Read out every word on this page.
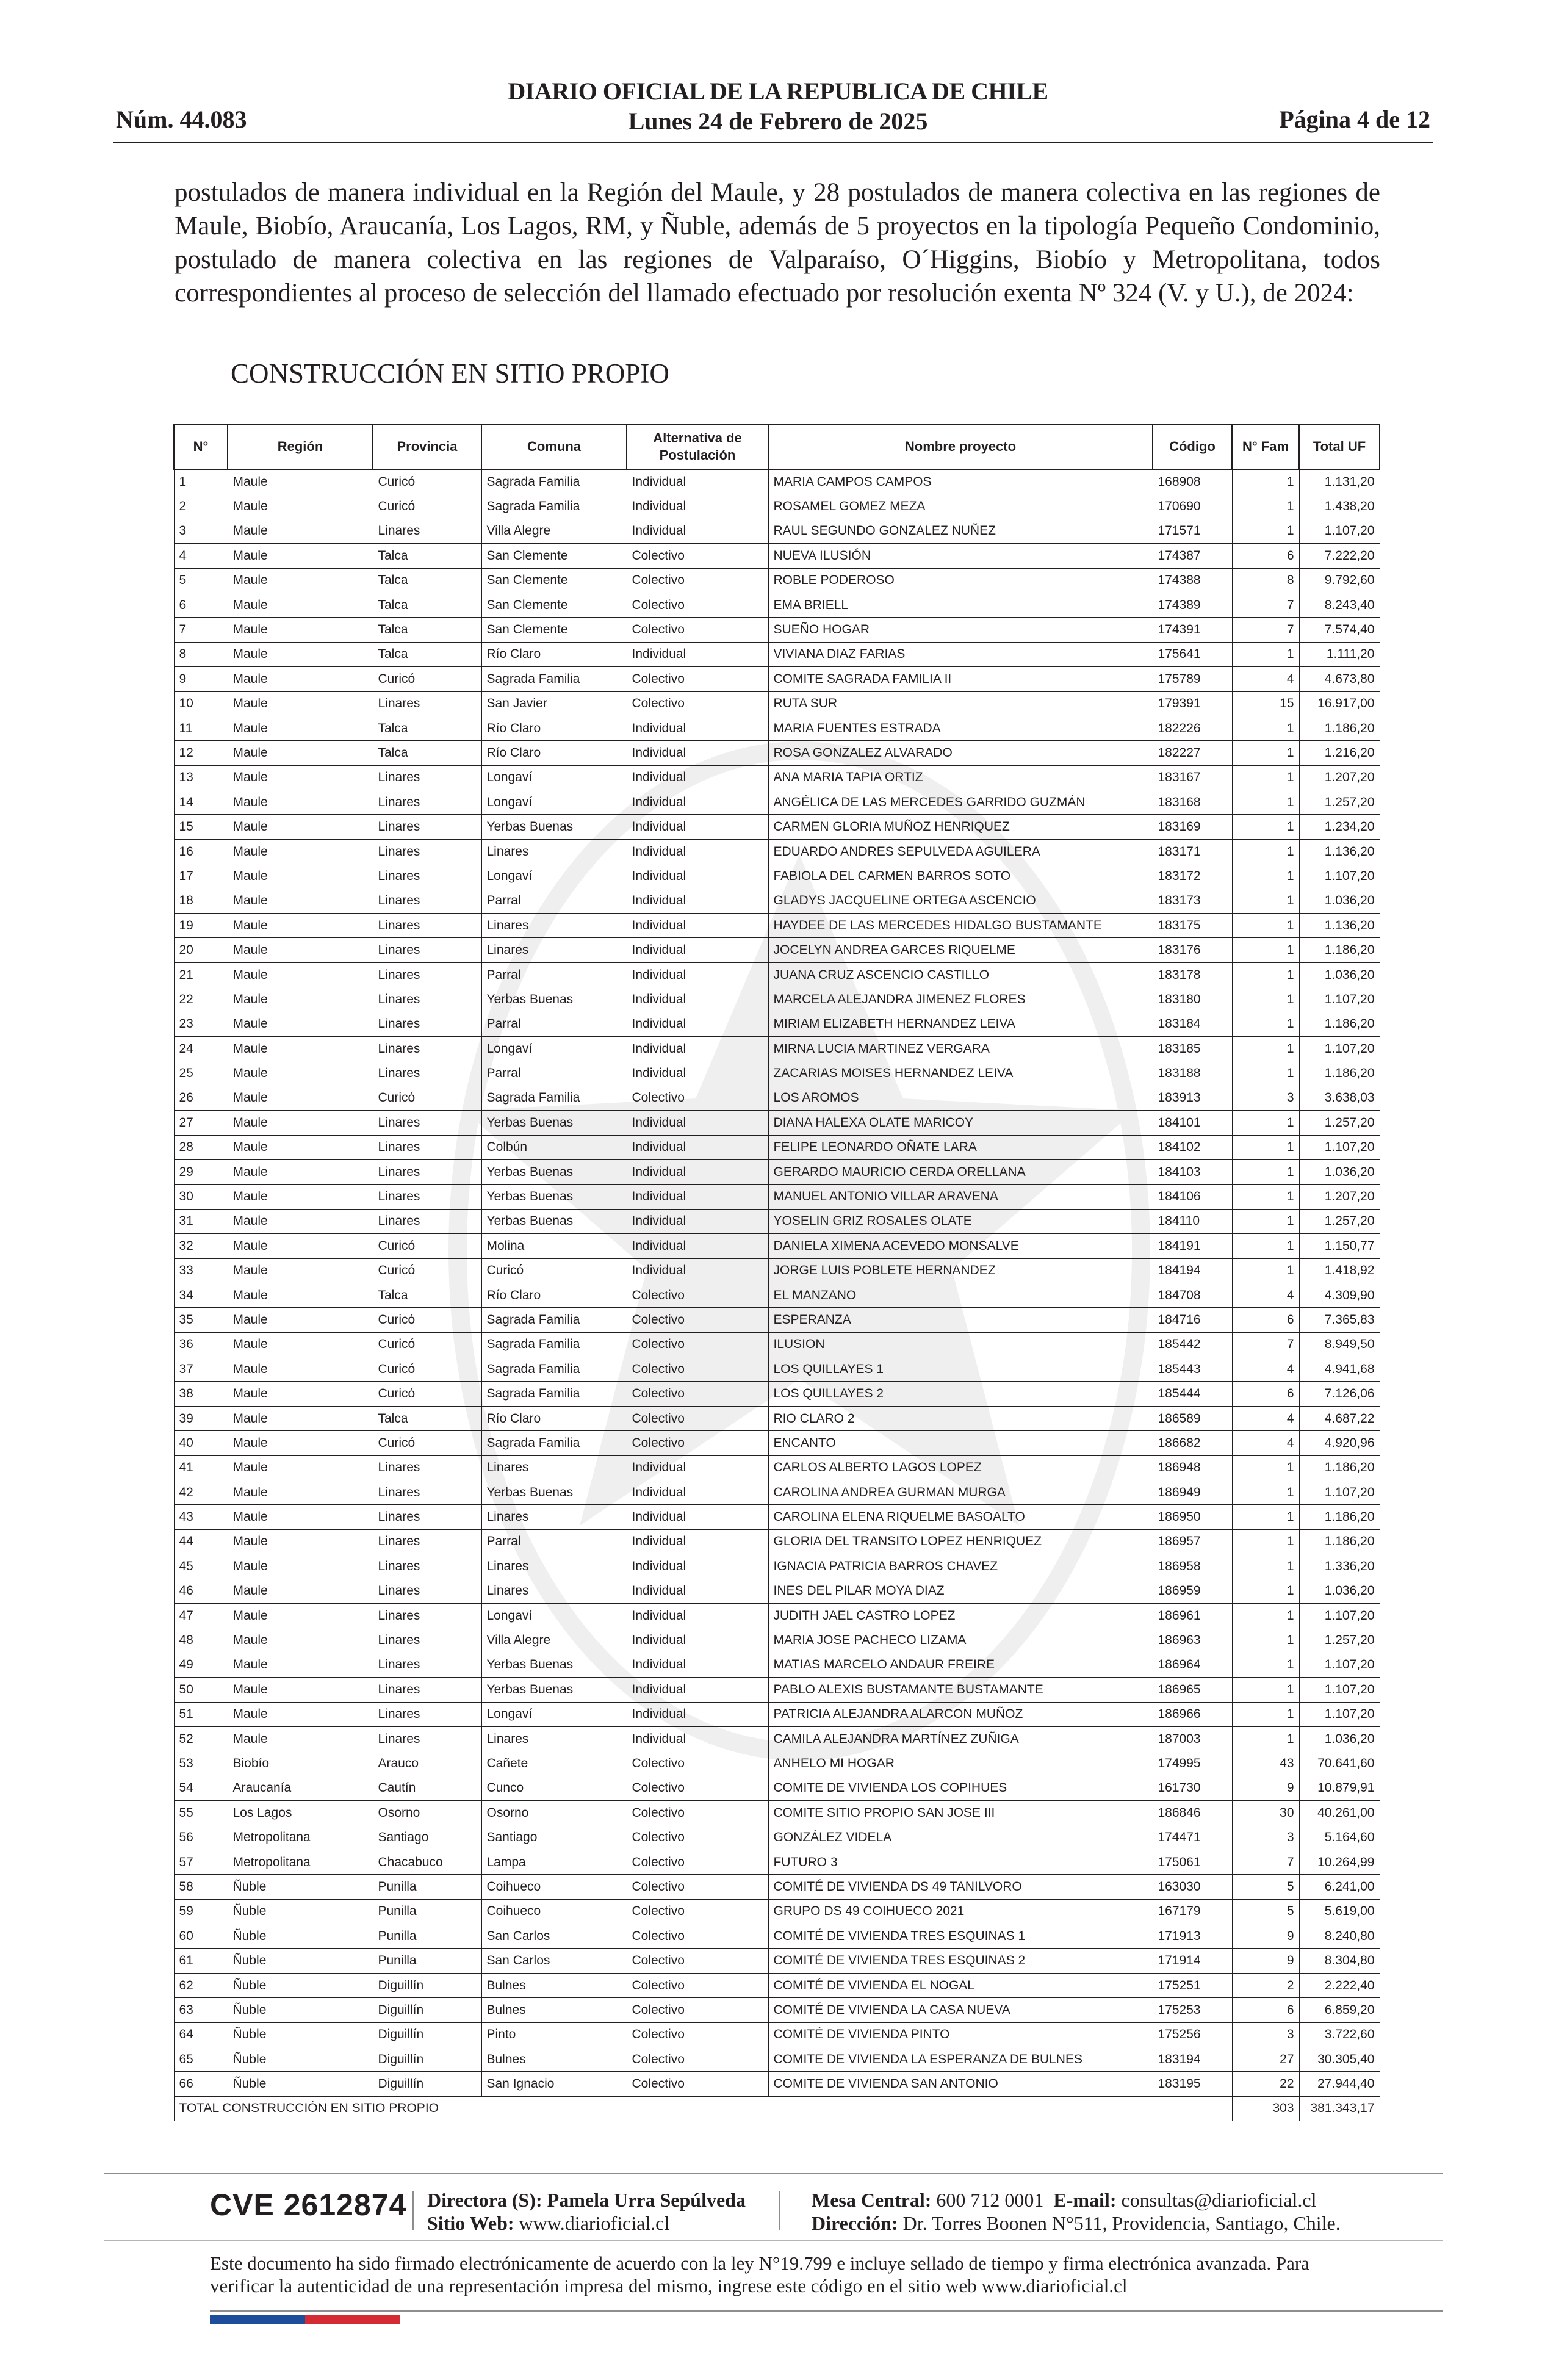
DIARIO OFICIAL DE LA REPUBLICA DE CHILE
Lunes 24 de Febrero de 2025
Núm. 44.083	Página 4 de 12
postulados de manera individual en la Región del Maule, y 28 postulados de manera colectiva en las regiones de Maule, Biobío, Araucanía, Los Lagos, RM, y Ñuble, además de 5 proyectos en la tipología Pequeño Condominio, postulado de manera colectiva en las regiones de Valparaíso, O´Higgins, Biobío y Metropolitana, todos correspondientes al proceso de selección del llamado efectuado por resolución exenta Nº 324 (V. y U.), de 2024:
CONSTRUCCIÓN EN SITIO PROPIO
N°	Región	Provincia	Comuna	Alternativa de Postulación	Nombre proyecto	Código	N° Fam	Total UF
1	Maule	Curicó	Sagrada Familia	Individual	MARIA CAMPOS CAMPOS	168908	1	1.131,20
2	Maule	Curicó	Sagrada Familia	Individual	ROSAMEL GOMEZ MEZA	170690	1	1.438,20
3	Maule	Linares	Villa Alegre	Individual	RAUL SEGUNDO GONZALEZ NUÑEZ	171571	1	1.107,20
4	Maule	Talca	San Clemente	Colectivo	NUEVA ILUSIÓN	174387	6	7.222,20
5	Maule	Talca	San Clemente	Colectivo	ROBLE PODEROSO	174388	8	9.792,60
6	Maule	Talca	San Clemente	Colectivo	EMA BRIELL	174389	7	8.243,40
7	Maule	Talca	San Clemente	Colectivo	SUEÑO HOGAR	174391	7	7.574,40
8	Maule	Talca	Río Claro	Individual	VIVIANA DIAZ FARIAS	175641	1	1.111,20
9	Maule	Curicó	Sagrada Familia	Colectivo	COMITE SAGRADA FAMILIA II	175789	4	4.673,80
10	Maule	Linares	San Javier	Colectivo	RUTA SUR	179391	15	16.917,00
11	Maule	Talca	Río Claro	Individual	MARIA FUENTES ESTRADA	182226	1	1.186,20
12	Maule	Talca	Río Claro	Individual	ROSA GONZALEZ ALVARADO	182227	1	1.216,20
13	Maule	Linares	Longaví	Individual	ANA MARIA TAPIA ORTIZ	183167	1	1.207,20
14	Maule	Linares	Longaví	Individual	ANGÉLICA DE LAS MERCEDES GARRIDO GUZMÁN	183168	1	1.257,20
15	Maule	Linares	Yerbas Buenas	Individual	CARMEN GLORIA MUÑOZ HENRIQUEZ	183169	1	1.234,20
16	Maule	Linares	Linares	Individual	EDUARDO ANDRES SEPULVEDA AGUILERA	183171	1	1.136,20
17	Maule	Linares	Longaví	Individual	FABIOLA DEL CARMEN BARROS SOTO	183172	1	1.107,20
18	Maule	Linares	Parral	Individual	GLADYS JACQUELINE ORTEGA ASCENCIO	183173	1	1.036,20
19	Maule	Linares	Linares	Individual	HAYDEE DE LAS MERCEDES HIDALGO BUSTAMANTE	183175	1	1.136,20
20	Maule	Linares	Linares	Individual	JOCELYN ANDREA GARCES RIQUELME	183176	1	1.186,20
21	Maule	Linares	Parral	Individual	JUANA CRUZ ASCENCIO CASTILLO	183178	1	1.036,20
22	Maule	Linares	Yerbas Buenas	Individual	MARCELA ALEJANDRA JIMENEZ FLORES	183180	1	1.107,20
23	Maule	Linares	Parral	Individual	MIRIAM ELIZABETH HERNANDEZ LEIVA	183184	1	1.186,20
24	Maule	Linares	Longaví	Individual	MIRNA LUCIA MARTINEZ VERGARA	183185	1	1.107,20
25	Maule	Linares	Parral	Individual	ZACARIAS MOISES HERNANDEZ LEIVA	183188	1	1.186,20
26	Maule	Curicó	Sagrada Familia	Colectivo	LOS AROMOS	183913	3	3.638,03
27	Maule	Linares	Yerbas Buenas	Individual	DIANA HALEXA OLATE MARICOY	184101	1	1.257,20
28	Maule	Linares	Colbún	Individual	FELIPE LEONARDO OÑATE LARA	184102	1	1.107,20
29	Maule	Linares	Yerbas Buenas	Individual	GERARDO MAURICIO CERDA ORELLANA	184103	1	1.036,20
30	Maule	Linares	Yerbas Buenas	Individual	MANUEL ANTONIO VILLAR ARAVENA	184106	1	1.207,20
31	Maule	Linares	Yerbas Buenas	Individual	YOSELIN GRIZ ROSALES OLATE	184110	1	1.257,20
32	Maule	Curicó	Molina	Individual	DANIELA XIMENA ACEVEDO MONSALVE	184191	1	1.150,77
33	Maule	Curicó	Curicó	Individual	JORGE LUIS POBLETE HERNANDEZ	184194	1	1.418,92
34	Maule	Talca	Río Claro	Colectivo	EL MANZANO	184708	4	4.309,90
35	Maule	Curicó	Sagrada Familia	Colectivo	ESPERANZA	184716	6	7.365,83
36	Maule	Curicó	Sagrada Familia	Colectivo	ILUSION	185442	7	8.949,50
37	Maule	Curicó	Sagrada Familia	Colectivo	LOS QUILLAYES 1	185443	4	4.941,68
38	Maule	Curicó	Sagrada Familia	Colectivo	LOS QUILLAYES 2	185444	6	7.126,06
39	Maule	Talca	Río Claro	Colectivo	RIO CLARO 2	186589	4	4.687,22
40	Maule	Curicó	Sagrada Familia	Colectivo	ENCANTO	186682	4	4.920,96
41	Maule	Linares	Linares	Individual	CARLOS ALBERTO LAGOS LOPEZ	186948	1	1.186,20
42	Maule	Linares	Yerbas Buenas	Individual	CAROLINA ANDREA GURMAN MURGA	186949	1	1.107,20
43	Maule	Linares	Linares	Individual	CAROLINA ELENA RIQUELME BASOALTO	186950	1	1.186,20
44	Maule	Linares	Parral	Individual	GLORIA DEL TRANSITO LOPEZ HENRIQUEZ	186957	1	1.186,20
45	Maule	Linares	Linares	Individual	IGNACIA PATRICIA BARROS CHAVEZ	186958	1	1.336,20
46	Maule	Linares	Linares	Individual	INES DEL PILAR MOYA DIAZ	186959	1	1.036,20
47	Maule	Linares	Longaví	Individual	JUDITH JAEL CASTRO LOPEZ	186961	1	1.107,20
48	Maule	Linares	Villa Alegre	Individual	MARIA JOSE PACHECO LIZAMA	186963	1	1.257,20
49	Maule	Linares	Yerbas Buenas	Individual	MATIAS MARCELO ANDAUR FREIRE	186964	1	1.107,20
50	Maule	Linares	Yerbas Buenas	Individual	PABLO ALEXIS BUSTAMANTE BUSTAMANTE	186965	1	1.107,20
51	Maule	Linares	Longaví	Individual	PATRICIA ALEJANDRA ALARCON MUÑOZ	186966	1	1.107,20
52	Maule	Linares	Linares	Individual	CAMILA ALEJANDRA MARTÍNEZ ZUÑIGA	187003	1	1.036,20
53	Biobío	Arauco	Cañete	Colectivo	ANHELO MI HOGAR	174995	43	70.641,60
54	Araucanía	Cautín	Cunco	Colectivo	COMITE DE VIVIENDA LOS COPIHUES	161730	9	10.879,91
55	Los Lagos	Osorno	Osorno	Colectivo	COMITE SITIO PROPIO SAN JOSE III	186846	30	40.261,00
56	Metropolitana	Santiago	Santiago	Colectivo	GONZÁLEZ VIDELA	174471	3	5.164,60
57	Metropolitana	Chacabuco	Lampa	Colectivo	FUTURO 3	175061	7	10.264,99
58	Ñuble	Punilla	Coihueco	Colectivo	COMITÉ DE VIVIENDA DS 49 TANILVORO	163030	5	6.241,00
59	Ñuble	Punilla	Coihueco	Colectivo	GRUPO DS 49 COIHUECO 2021	167179	5	5.619,00
60	Ñuble	Punilla	San Carlos	Colectivo	COMITÉ DE VIVIENDA TRES ESQUINAS 1	171913	9	8.240,80
61	Ñuble	Punilla	San Carlos	Colectivo	COMITÉ DE VIVIENDA TRES ESQUINAS 2	171914	9	8.304,80
62	Ñuble	Diguillín	Bulnes	Colectivo	COMITÉ DE VIVIENDA EL NOGAL	175251	2	2.222,40
63	Ñuble	Diguillín	Bulnes	Colectivo	COMITÉ DE VIVIENDA LA CASA NUEVA	175253	6	6.859,20
64	Ñuble	Diguillín	Pinto	Colectivo	COMITÉ DE VIVIENDA PINTO	175256	3	3.722,60
65	Ñuble	Diguillín	Bulnes	Colectivo	COMITE DE VIVIENDA LA ESPERANZA DE BULNES	183194	27	30.305,40
66	Ñuble	Diguillín	San Ignacio	Colectivo	COMITE DE VIVIENDA SAN ANTONIO	183195	22	27.944,40
TOTAL CONSTRUCCIÓN EN SITIO PROPIO							303	381.343,17
CVE 2612874 Directora (S): Pamela Urra Sepúlveda
Sitio Web: www.diarioficial.cl
Mesa Central: 600 712 0001 E-mail: consultas@diarioficial.cl
Dirección: Dr. Torres Boonen N°511, Providencia, Santiago, Chile.
Este documento ha sido firmado electrónicamente de acuerdo con la ley N°19.799 e incluye sellado de tiempo y firma electrónica avanzada. Para verificar la autenticidad de una representación impresa del mismo, ingrese este código en el sitio web www.diarioficial.cl
